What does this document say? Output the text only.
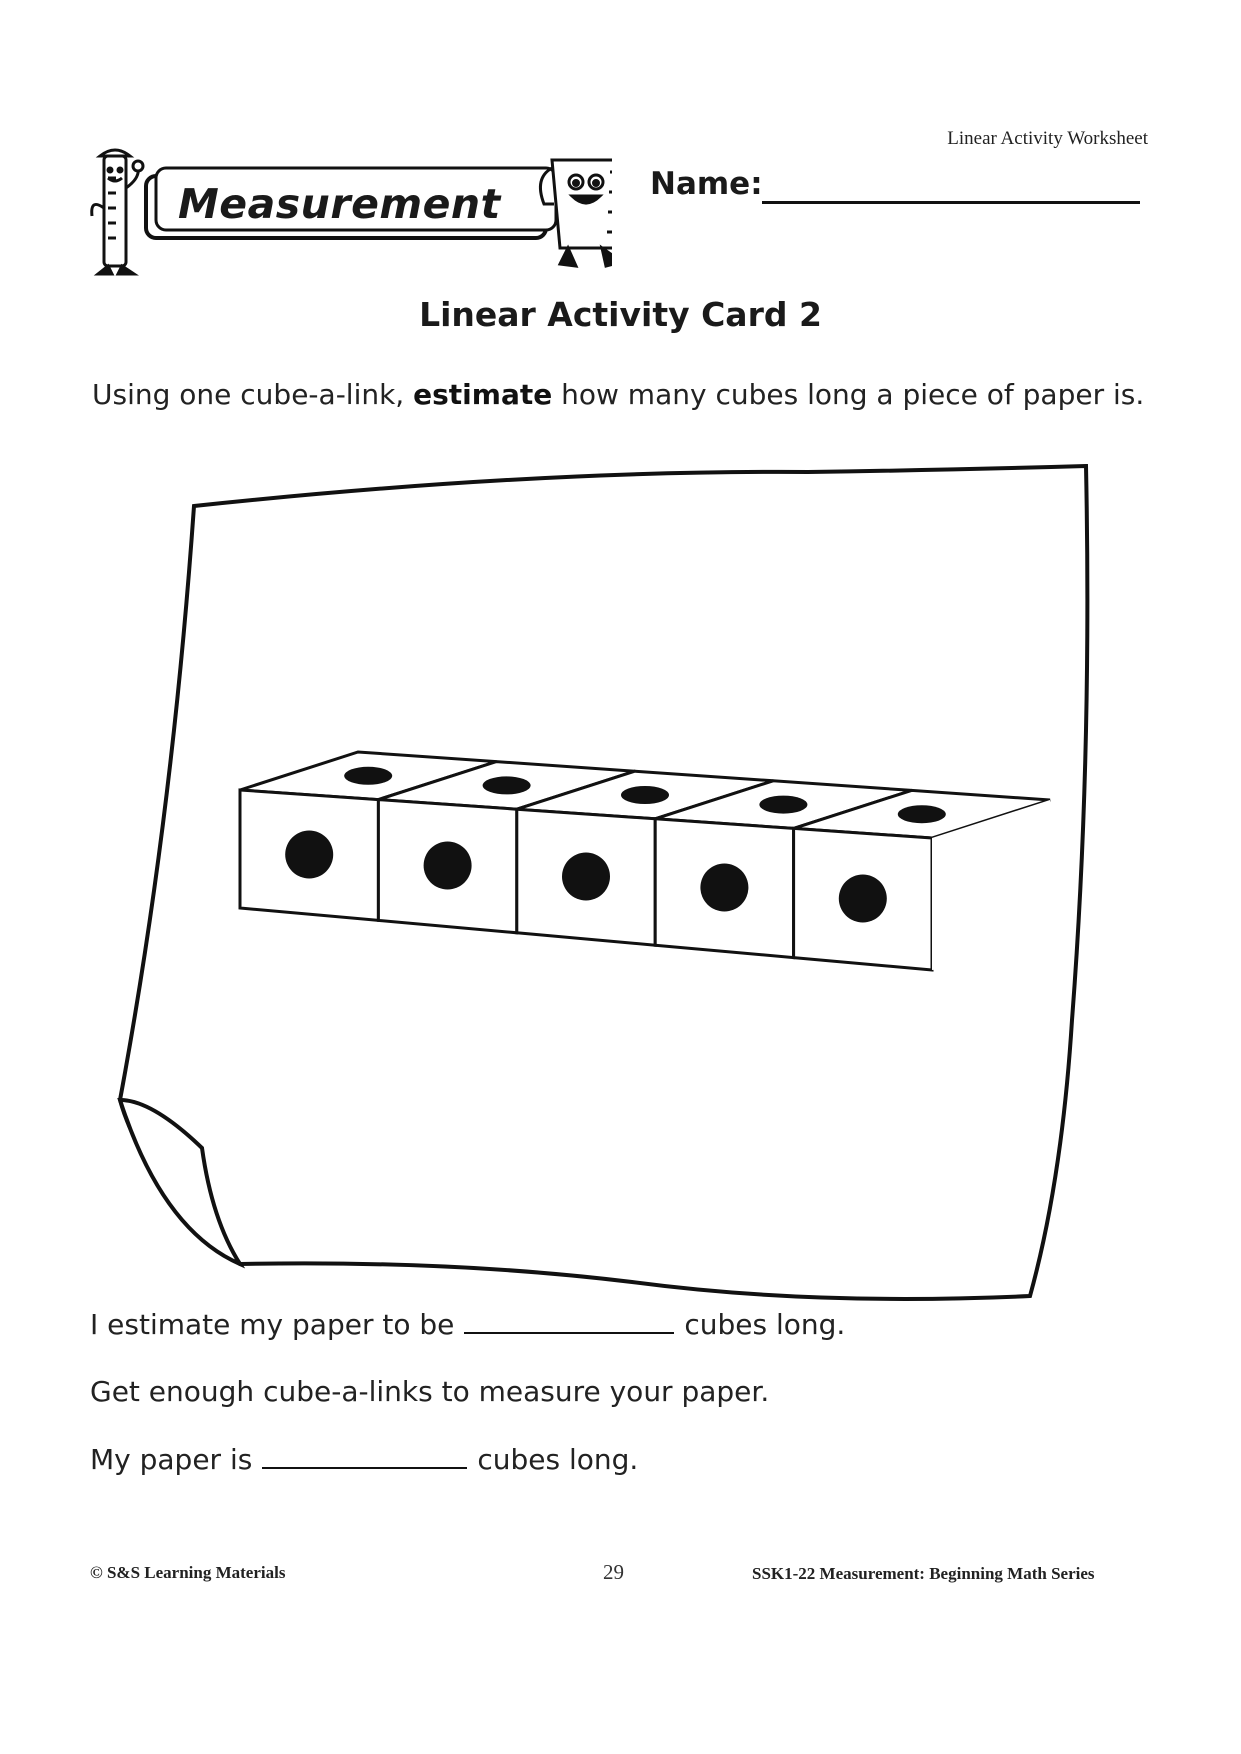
Linear Activity Worksheet
Measurement	Name:
Linear Activity Card 2
Using one cube-a-link, estimate how many cubes long a piece of paper is.
I estimate my paper to be	cubes long.
Get enough cube-a-links to measure your paper.
My paper is	cubes long.
© S&S Learning Materials	29	SSK1-22 Measurement: Beginning Math Series
